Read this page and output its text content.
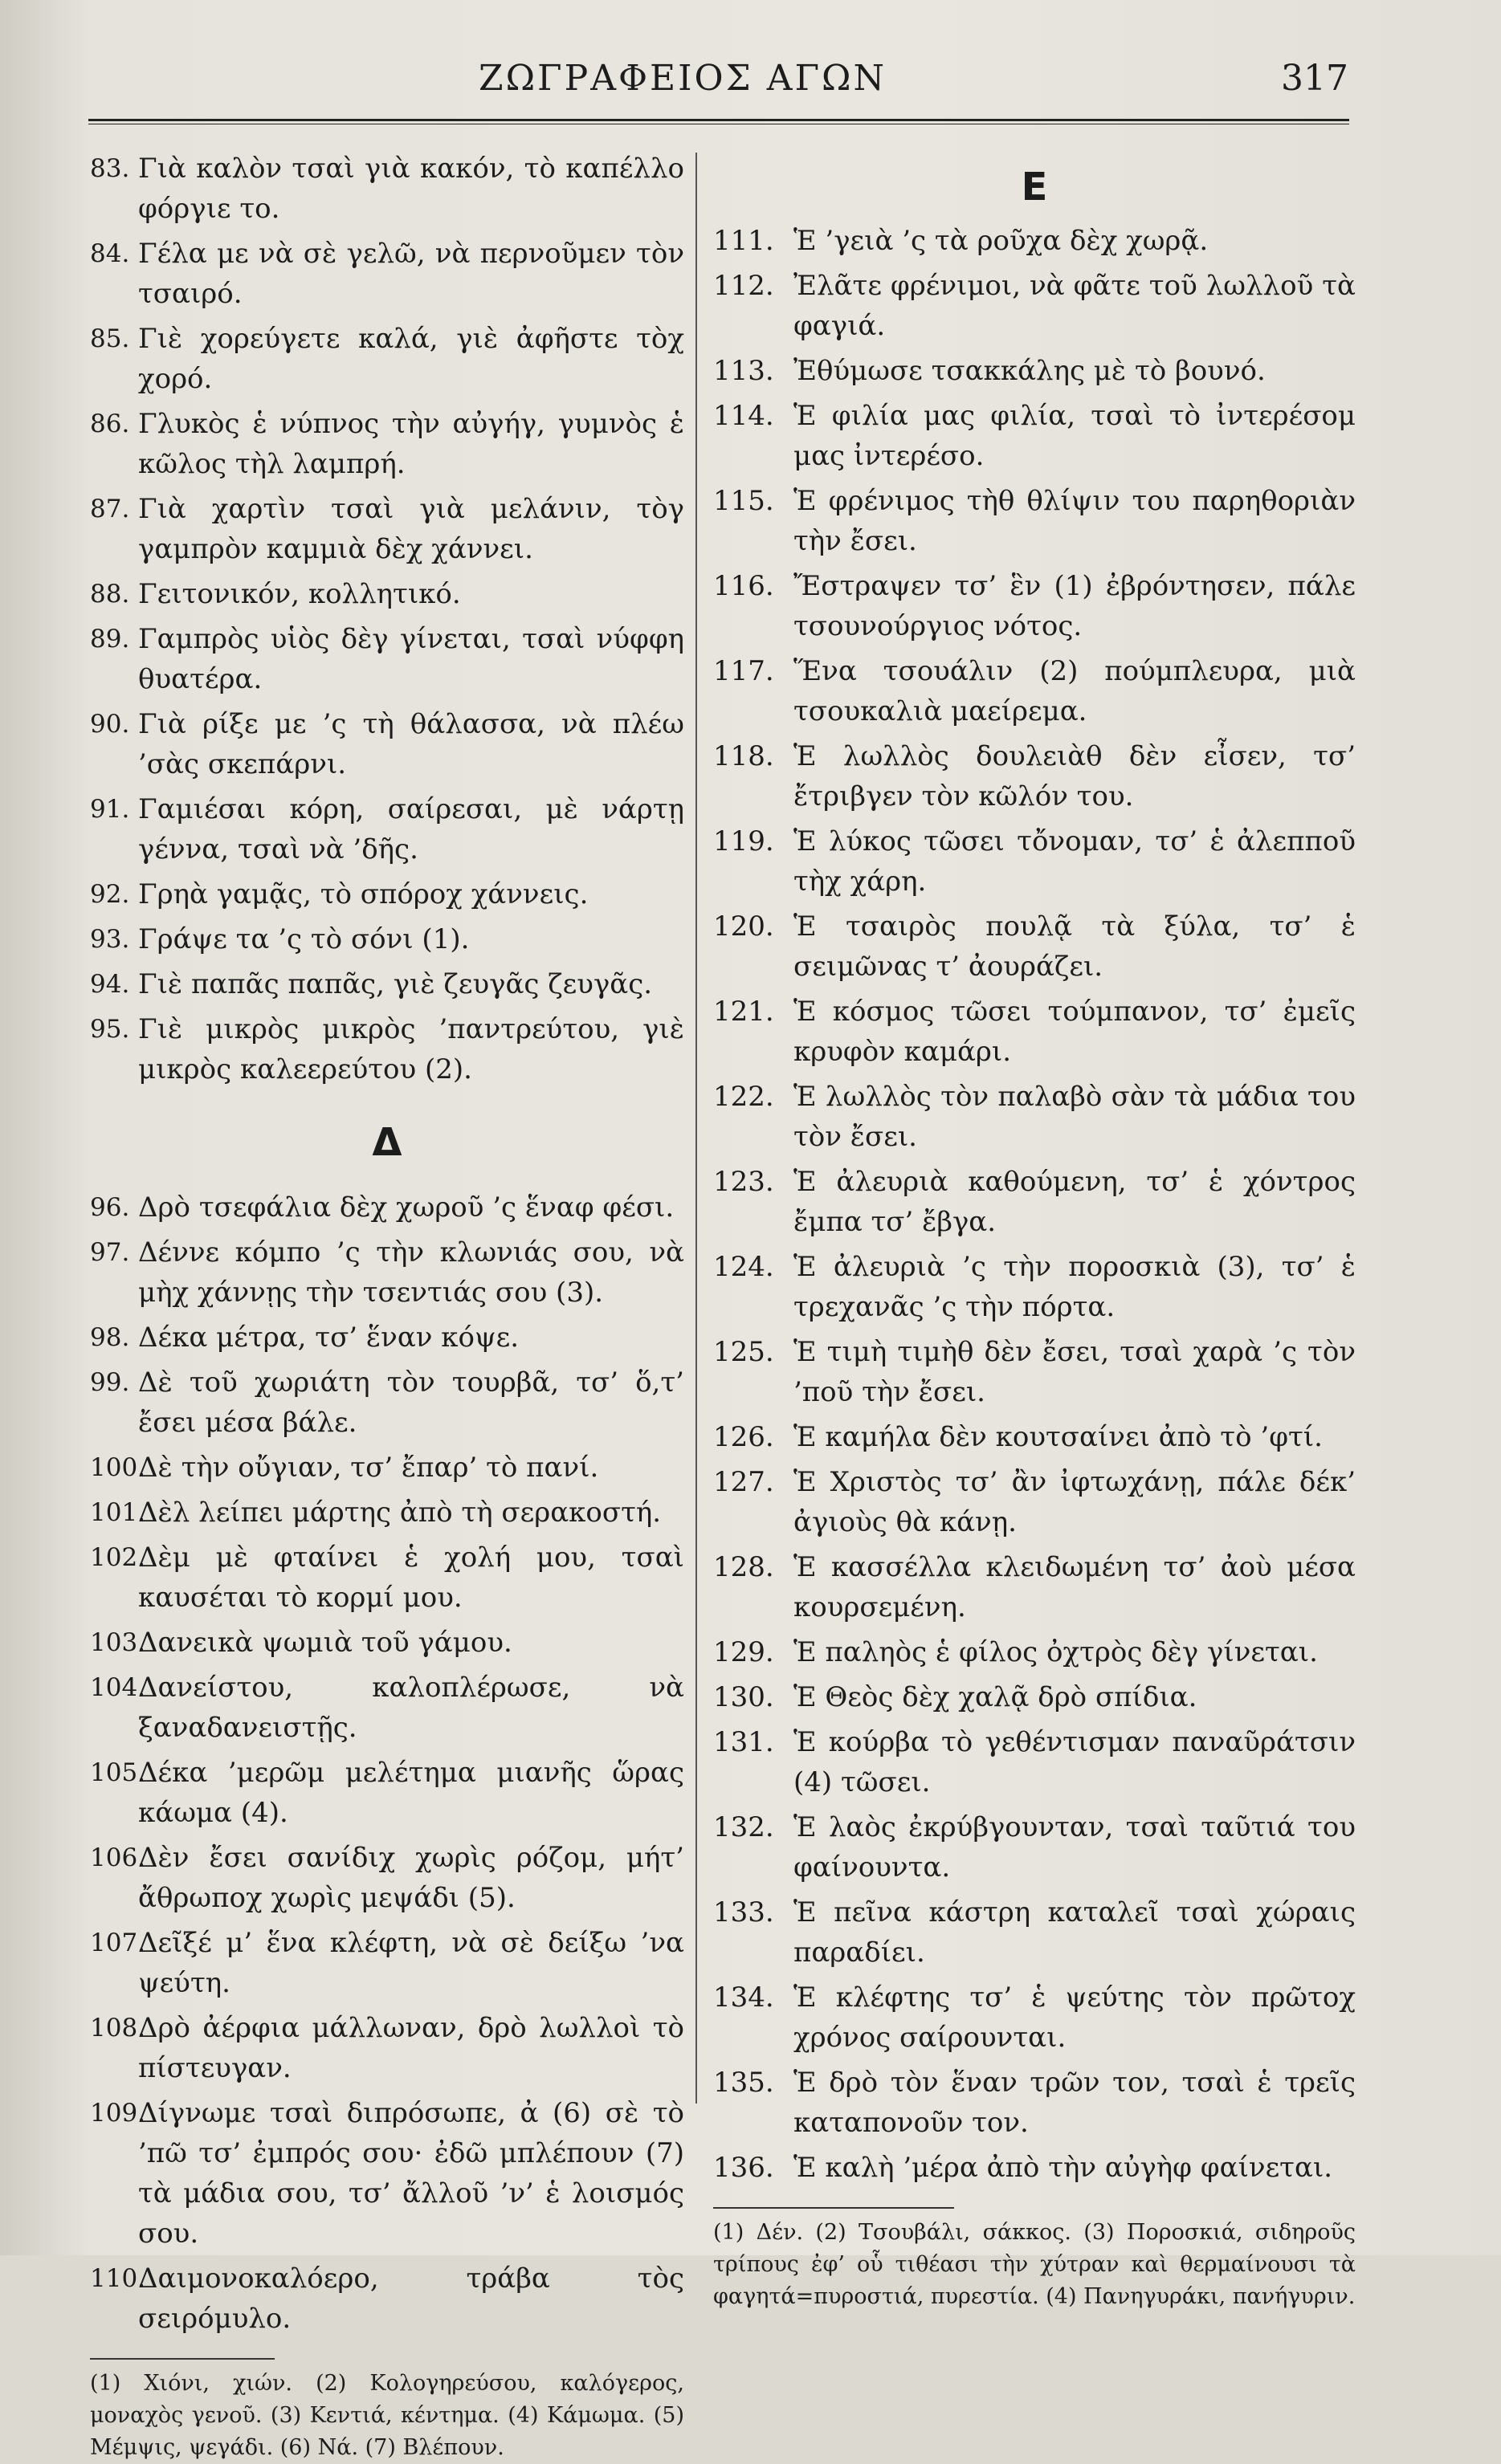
ΖΩΓΡΑΦΕΙΟΣ ΑΓΩΝ	317
83. Γιὰ καλὸν τσαὶ γιὰ κακόν, τὸ καπέλλο φόργιε το.
84. Γέλα με νὰ σὲ γελῶ, νὰ περνοῦμεν τὸν τσαιρό.
85. Γιὲ χορεύγετε καλά, γιὲ ἀφῆστε τὸχ χορό.
86. Γλυκὸς ἑ νύπνος τὴν αὐγήγ, γυμνὸς ἑ κῶλος τὴλ λαμπρή.
87. Γιὰ χαρτὶν τσαὶ γιὰ μελάνιν, τὸγ γαμπρὸν καμμιὰ δὲχ χάννει.
88. Γειτονικόν, κολλητικό.
89. Γαμπρὸς υἱὸς δὲγ γίνεται, τσαὶ νύφφη θυατέρα.
90. Γιὰ ρίξε με ’ς τὴ θάλασσα, νὰ πλέω ’σὰς σκεπάρνι.
91. Γαμιέσαι κόρη, σαίρεσαι, μὲ νάρτῃ γέννα, τσαὶ νὰ ’δῆς.
92. Γρηὰ γαμᾷς, τὸ σπόροχ χάννεις.
93. Γράψε τα ’ς τὸ σόνι (1).
94. Γιὲ παπᾶς παπᾶς, γιὲ ζευγᾶς ζευγᾶς.
95. Γιὲ μικρὸς μικρὸς ’παντρεύτου, γιὲ μικρὸς καλεερεύτου (2).
Δ
96. Δρὸ τσεφάλια δὲχ χωροῦ ’ς ἕναφ φέσι.
97. Δέννε κόμπο ’ς τὴν κλωνιάς σου, νὰ μὴχ χάννῃς τὴν τσεντιάς σου (3).
98. Δέκα μέτρα, τσ’ ἕναν κόψε.
99. Δὲ τοῦ χωριάτη τὸν τουρβᾶ, τσ’ ὅ,τ’ ἔσει μέσα βάλε.
100.
Δὲ τὴν οὔγιαν, τσ’ ἔπαρ’ τὸ πανί.
101.
Δὲλ λείπει μάρτης ἀπὸ τὴ σερακοστή.
102.
Δὲμ μὲ φταίνει ἑ χολή μου, τσαὶ καυσέται τὸ κορμί μου.
103.
Δανεικὰ ψωμιὰ τοῦ γάμου.
104.
Δανείστου, καλοπλέρωσε, νὰ ξαναδανειστῇς.
105.
Δέκα ’μερῶμ μελέτημα μιανῆς ὥρας κάωμα (4).
106.
Δὲν ἔσει σανίδιχ χωρὶς ρόζομ, μήτ’ ἄθρωποχ χωρὶς μεψάδι (5).
107.
Δεῖξέ μ’ ἕνα κλέφτη, νὰ σὲ δείξω ’να ψεύτη.
108.
Δρὸ ἀέρφια μάλλωναν, δρὸ λωλλοὶ τὸ πίστευγαν.
109.
Δίγνωμε τσαὶ διπρόσωπε, ἀ (6) σὲ τὸ ’πῶ τσ’ ἐμπρός σου· ἐδῶ μπλέπουν (7) τὰ μάδια σου, τσ’ ἄλλοῦ ’ν’ ἑ λοισμός σου.
110.
Δαιμονοκαλόερο, τράβα τὸς σειρόμυλο.
(1) Χιόνι, χιών. (2) Κολογηρεύσου, καλόγερος, μοναχὸς γενοῦ. (3) Κεντιά, κέντημα. (4) Κάμωμα. (5) Μέμψις, ψεγάδι. (6) Νά. (7) Βλέπουν.
Ε
111. Ἑ ’γειὰ ’ς τὰ ροῦχα δὲχ χωρᾷ.
112. Ἐλᾶτε φρένιμοι, νὰ φᾶτε τοῦ λωλλοῦ τὰ φαγιά.
113. Ἐθύμωσε τσακκάλης μὲ τὸ βουνό.
114. Ἑ φιλία μας φιλία, τσαὶ τὸ ἰντερέσομ μας ἰντερέσο.
115. Ἑ φρένιμος τὴθ θλίψιν του παρηθοριὰν τὴν ἔσει.
116. Ἔστραψεν τσ’ ἓν (1) ἐβρόντησεν, πάλε τσουνούργιος νότος.
117. Ἕνα τσουάλιν (2) πούμπλευρα, μιὰ τσουκαλιὰ μαείρεμα.
118. Ἑ λωλλὸς δουλειὰθ δὲν εἶσεν, τσ’ ἔτριβγεν τὸν κῶλόν του.
119. Ἑ λύκος τῶσει τὄνομαν, τσ’ ἑ ἀλεπποῦ τὴχ χάρη.
120. Ἑ τσαιρὸς πουλᾷ τὰ ξύλα, τσ’ ἑ σειμῶνας τ’ ἀουράζει.
121. Ἑ κόσμος τῶσει τούμπανον, τσ’ ἐμεῖς κρυφὸν καμάρι.
122. Ἑ λωλλὸς τὸν παλαβὸ σὰν τὰ μάδια του τὸν ἔσει.
123. Ἑ ἀλευριὰ καθούμενη, τσ’ ἑ χόντρος ἔμπα τσ’ ἔβγα.
124. Ἑ ἀλευριὰ ’ς τὴν πορoσκιὰ (3), τσ’ ἑ τρεχανᾶς ’ς τὴν πόρτα.
125. Ἑ τιμὴ τιμὴθ δὲν ἔσει, τσαὶ χαρὰ ’ς τὸν ’ποῦ τὴν ἔσει.
126. Ἑ καμήλα δὲν κουτσαίνει ἀπὸ τὸ ’φτί.
127. Ἑ Χριστὸς τσ’ ἂν ἰφτωχάνῃ, πάλε δέκ’ ἀγιοὺς θὰ κάνῃ.
128. Ἑ κασσέλλα κλειδωμένη τσ’ ἀοὺ μέσα κουρσεμένη.
129. Ἑ παληὸς ἑ φίλος ὀχτρὸς δὲγ γίνεται.
130. Ἑ Θεὸς δὲχ χαλᾷ δρὸ σπίδια.
131. Ἑ κούρβα τὸ γεθέντισμαν παναῦράτσιν (4) τῶσει.
132. Ἑ λαὸς ἐκρύβγουνταν, τσαὶ ταῦτιά του φαίνουντα.
133. Ἑ πεῖνα κάστρη καταλεῖ τσαὶ χώραις παραδίει.
134. Ἑ κλέφτης τσ’ ἑ ψεύτης τὸν πρῶτοχ χρόνος σαίρουνται.
135. Ἑ δρὸ τὸν ἕναν τρῶν τον, τσαὶ ἑ τρεῖς καταπονοῦν τον.
136. Ἑ καλὴ ’μέρα ἀπὸ τὴν αὐγὴφ φαίνεται.
(1) Δέν. (2) Τσουβάλι, σάκκος. (3) Ποροσκιά, σιδηροῦς τρίπους ἐφ’ οὗ τιθέασι τὴν χύτραν καὶ θερμαίνουσι τὰ φαγητά=πυροστιά, πυρεστία. (4) Πανηγυράκι, πανήγυριν.
